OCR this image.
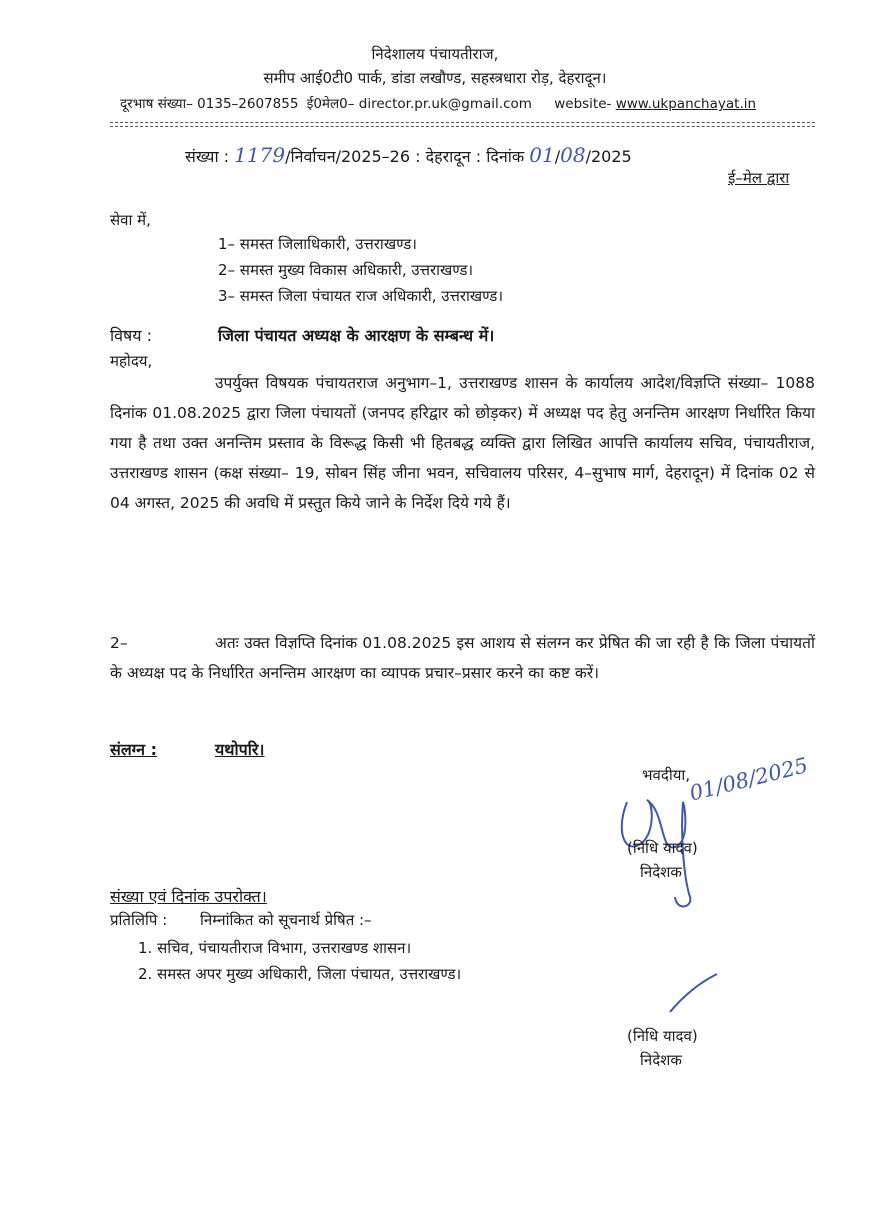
निदेशालय पंचायतीराज,
समीप आई0टी0 पार्क, डांडा लखौण्ड, सहस्त्रधारा रोड़, देहरादून।
दूरभाष संख्या– 0135–2607855 ई0मेल0– director.pr.uk@gmail.com website- www.ukpanchayat.in
संख्या : 1179/निर्वाचन/2025–26 : देहरादून : दिनांक 01/08/2025
ई–मेल द्वारा
सेवा में,
1– समस्त जिलाधिकारी, उत्तराखण्ड।
2– समस्त मुख्य विकास अधिकारी, उत्तराखण्ड।
3– समस्त जिला पंचायत राज अधिकारी, उत्तराखण्ड।
विषय :	जिला पंचायत अध्यक्ष के आरक्षण के सम्बन्ध में।
महोदय,
उपर्युक्त विषयक पंचायतराज अनुभाग–1, उत्तराखण्ड शासन के कार्यालय आदेश/विज्ञप्ति संख्या– 1088 दिनांक 01.08.2025 द्वारा जिला पंचायतों (जनपद हरिद्वार को छोड़कर) में अध्यक्ष पद हेतु अनन्तिम आरक्षण निर्धारित किया गया है तथा उक्त अनन्तिम प्रस्ताव के विरूद्ध किसी भी हितबद्ध व्यक्ति द्वारा लिखित आपत्ति कार्यालय सचिव, पंचायतीराज, उत्तराखण्ड शासन (कक्ष संख्या– 19, सोबन सिंह जीना भवन, सचिवालय परिसर, 4–सुभाष मार्ग, देहरादून) में दिनांक 02 से 04 अगस्त, 2025 की अवधि में प्रस्तुत किये जाने के निर्देश दिये गये हैं।
2–	अतः उक्त विज्ञप्ति दिनांक 01.08.2025 इस आशय से संलग्न कर प्रेषित की जा रही है कि जिला पंचायतों के अध्यक्ष पद के निर्धारित अनन्तिम आरक्षण का व्यापक प्रचार–प्रसार करने का कष्ट करें।
संलग्न :	यथोपरि।
भवदीया,
01/08/2025
(निधि यादव)
निदेशक
संख्या एवं दिनांक उपरोक्त।
प्रतिलिपि : निम्नांकित को सूचनार्थ प्रेषित :–
1. सचिव, पंचायतीराज विभाग, उत्तराखण्ड शासन।
2. समस्त अपर मुख्य अधिकारी, जिला पंचायत, उत्तराखण्ड।
(निधि यादव)
निदेशक
